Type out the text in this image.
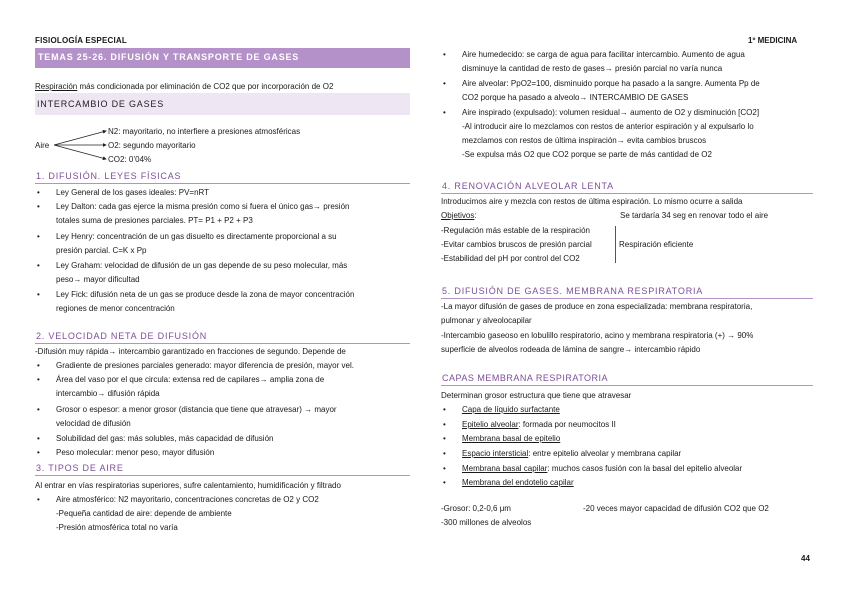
FISIOLOGÍA ESPECIAL	1º MEDICINA
TEMAS 25-26. DIFUSIÓN Y TRANSPORTE DE GASES
Respiración más condicionada por eliminación de CO2 que por incorporación de O2
INTERCAMBIO DE GASES
Aire
N2: mayoritario, no interfiere a presiones atmosféricas
O2: segundo mayoritario
CO2: 0’04%
1. DIFUSIÓN. LEYES FÍSICAS
• Ley General de los gases ideales: PV=nRT
• Ley Dalton: cada gas ejerce la misma presión como si fuera el único gas→ presión
totales suma de presiones parciales. PT= P1 + P2 + P3
• Ley Henry: concentración de un gas disuelto es directamente proporcional a su
presión parcial. C=K x Pp
• Ley Graham: velocidad de difusión de un gas depende de su peso molecular, más
peso→ mayor dificultad
• Ley Fick: difusión neta de un gas se produce desde la zona de mayor concentración
regiones de menor concentración
2. VELOCIDAD NETA DE DIFUSIÓN
-Difusión muy rápida→ intercambio garantizado en fracciones de segundo. Depende de
• Gradiente de presiones parciales generado: mayor diferencia de presión, mayor vel.
• Área del vaso por el que circula: extensa red de capilares→ amplia zona de
intercambio→ difusión rápida
• Grosor o espesor: a menor grosor (distancia que tiene que atravesar) → mayor
velocidad de difusión
• Solubilidad del gas: más solubles, más capacidad de difusión
• Peso molecular: menor peso, mayor difusión
3. TIPOS DE AIRE
Al entrar en vías respiratorias superiores, sufre calentamiento, humidificación y filtrado
• Aire atmosférico: N2 mayoritario, concentraciones concretas de O2 y CO2
-Pequeña cantidad de aire: depende de ambiente
-Presión atmosférica total no varía
• Aire humedecido: se carga de agua para facilitar intercambio. Aumento de agua
disminuye la cantidad de resto de gases→ presión parcial no varía nunca
• Aire alveolar: PpO2=100, disminuido porque ha pasado a la sangre. Aumenta Pp de
CO2 porque ha pasado a alveolo→ INTERCAMBIO DE GASES
• Aire inspirado (expulsado): volumen residual→ aumento de O2 y disminución [CO2]
-Al introducir aire lo mezclamos con restos de anterior espiración y al expulsarlo lo
mezclamos con restos de última inspiración→ evita cambios bruscos
-Se expulsa más O2 que CO2 porque se parte de más cantidad de O2
4. RENOVACIÓN ALVEOLAR LENTA
Introducimos aire y mezcla con restos de última espiración. Lo mismo ocurre a salida
Objetivos:	Se tardaría 34 seg en renovar todo el aire
-Regulación más estable de la respiración
-Evitar cambios bruscos de presión parcial
-Estabilidad del pH por control del CO2
Respiración eficiente
5. DIFUSIÓN DE GASES. MEMBRANA RESPIRATORIA
-La mayor difusión de gases de produce en zona especializada: membrana respiratoria,
pulmonar y alveolocapilar
-Intercambio gaseoso en lobulillo respiratorio, acino y membrana respiratoria (+) → 90%
superficie de alveolos rodeada de lámina de sangre→ intercambio rápido
CAPAS MEMBRANA RESPIRATORIA
Determinan grosor estructura que tiene que atravesar
• Capa de líquido surfactante
• Epitelio alveolar: formada por neumocitos II
• Membrana basal de epitelio
• Espacio intersticial: entre epitelio alveolar y membrana capilar
• Membrana basal capilar: muchos casos fusión con la basal del epitelio alveolar
• Membrana del endotelio capilar
-Grosor: 0,2-0,6 μm	-20 veces mayor capacidad de difusión CO2 que O2
-300 millones de alveolos
44
